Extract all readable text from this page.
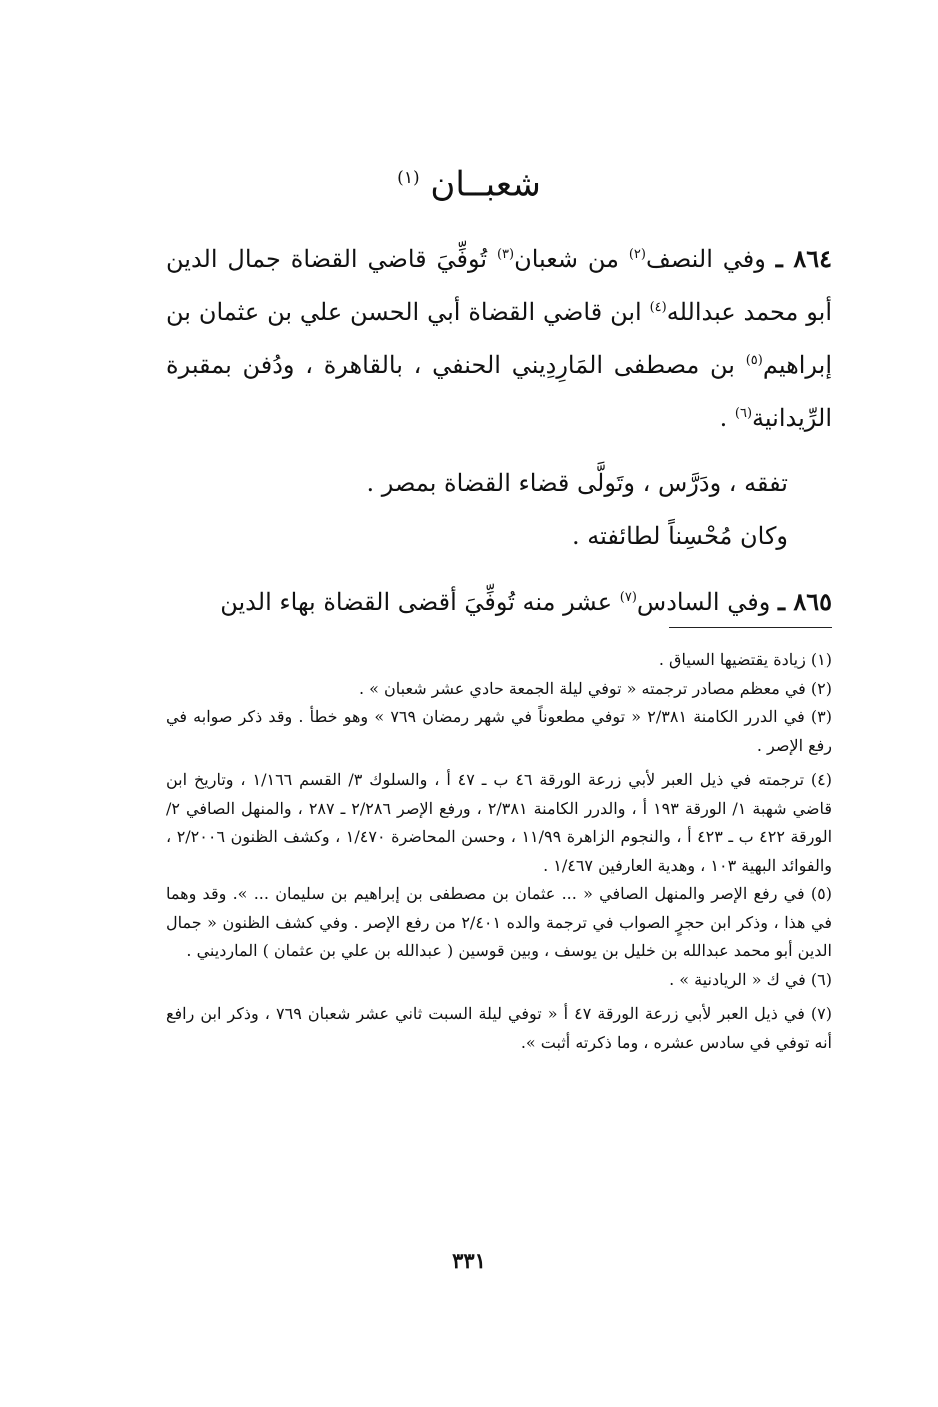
شعبــان $^{(١)}$

٨٦٤ ـ وفي النصف$^{(٢)}$ من شعبان$^{(٣)}$ تُوفِّيَ قاضي القضاة جمال الدين أبو محمد عبدالله$^{(٤)}$ ابن قاضي القضاة أبي الحسن علي بن عثمان بن إبراهيم$^{(٥)}$ بن مصطفى المَارِدِيني الحنفي ، بالقاهرة ، ودُفن بمقبرة الرِّيدانية$^{(٦)}$ .

تفقه ، ودَرَّس ، وتَولَّى قضاء القضاة بمصر .

وكان مُحْسِناً لطائفته .

٨٦٥ ـ وفي السادس$^{(٧)}$ عشر منه تُوفِّيَ أقضى القضاة بهاء الدين

(١) زيادة يقتضيها السياق .

(٢) في معظم مصادر ترجمته « توفي ليلة الجمعة حادي عشر شعبان » .

(٣) في الدرر الكامنة ٢/٣٨١ « توفي مطعوناً في شهر رمضان ٧٦٩ » وهو خطأ . وقد ذكر صوابه في رفع الإصر .

(٤) ترجمته في ذيل العبر لأبي زرعة الورقة ٤٦ ب ـ ٤٧ أ ، والسلوك ٣/ القسم ١/١٦٦ ، وتاريخ ابن قاضي شهبة ١/ الورقة ١٩٣ أ ، والدرر الكامنة ٢/٣٨١ ، ورفع الإصر ٢/٢٨٦ ـ ٢٨٧ ، والمنهل الصافي ٢/ الورقة ٤٢٢ ب ـ ٤٢٣ أ ، والنجوم الزاهرة ١١/٩٩ ، وحسن المحاضرة ١/٤٧٠ ، وكشف الظنون ٢/٢٠٠٦ ، والفوائد البهية ١٠٣ ، وهدية العارفين ١/٤٦٧ .

(٥) في رفع الإصر والمنهل الصافي « ... عثمان بن مصطفى بن إبراهيم بن سليمان ... ». وقد وهما في هذا ، وذكر ابن حجرٍ الصواب في ترجمة والده ٢/٤٠١ من رفع الإصر . وفي كشف الظنون « جمال الدين أبو محمد عبدالله بن خليل بن يوسف ، وبين قوسين ( عبدالله بن علي بن عثمان ) المارديني .

(٦) في ك « الريادنية » .

(٧) في ذيل العبر لأبي زرعة الورقة ٤٧ أ « توفي ليلة السبت ثاني عشر شعبان ٧٦٩ ، وذكر ابن رافع أنه توفي في سادس عشره ، وما ذكرته أثبت ».

٣٣١
